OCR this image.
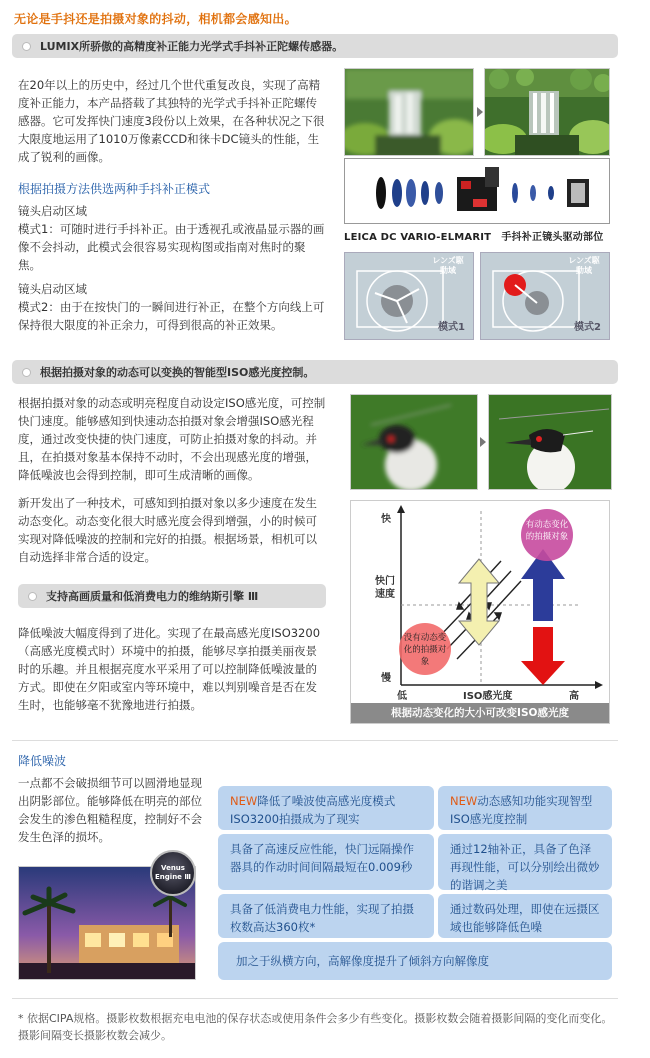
无论是手抖还是拍摄对象的抖动，相机都会感知出。
LUMIX所骄傲的高精度补正能力光学式手抖补正陀螺传感器。
在20年以上的历史中，经过几个世代重复改良，实现了高精度补正能力，本产品搭载了其独特的光学式手抖补正陀螺传感器。它可发挥快门速度3段份以上效果，在各种状况之下很大限度地运用了1010万像素CCD和徕卡DC镜头的性能，生成了锐利的画像。
根据拍摄方法供选两种手抖补正模式
镜头启动区域
模式1：可随时进行手抖补正。由于透视孔或液晶显示器的画像不会抖动，此模式会很容易实现构图或指南对焦时的聚焦。
镜头启动区域
模式2：由于在按快门的一瞬间进行补正，在整个方向线上可保持很大限度的补正余力，可得到很高的补正效果。
LEICA DC VARIO-ELMARIT　手抖补正镜头驱动部位
レンズ駆動域
模式1
レンズ駆動域
模式2
根据拍摄对象的动态可以变换的智能型ISO感光度控制。
根据拍摄对象的动态或明亮程度自动设定ISO感光度，可控制快门速度。能够感知到快速动态拍摄对象会增强ISO感光程度，通过改变快捷的快门速度，可防止拍摄对象的抖动。并且，在拍摄对象基本保持不动时，不会出现感光度的增强，降低噪波也会得到控制，即可生成清晰的画像。
新开发出了一种技术，可感知到拍摄对象以多少速度在发生动态变化。动态变化很大时感光度会得到增强，小的时候可实现对降低噪波的控制和完好的拍摄。根据场景，相机可以自动选择非常合适的设定。
快
快门速度
慢
低	ISO感光度	高
有动态变化的拍摄对象
没有动态变化的拍摄对象
根据动态变化的大小可改变ISO感光度
支持高画质量和低消费电力的维纳斯引擎 Ⅲ
降低噪波大幅度得到了进化。实现了在最高感光度ISO3200（高感光度模式时）环境中的拍摄，能够尽享拍摄美丽夜景时的乐趣。并且根据亮度水平采用了可以控制降低噪波量的方式。即使在夕阳或室内等环境中，难以判别噪音是否在发生时，也能够毫不犹豫地进行拍摄。
降低噪波
一点都不会破损细节可以圆滑地显现出阴影部位。能够降低在明亮的部位会发生的渗色粗糙程度，控制好不会发生色泽的损坏。
Venus Engine Ⅲ
NEW降低了噪波使高感光度模式ISO3200拍摄成为了现实
NEW动态感知功能实现智型ISO感光度控制
具备了高速反应性能，快门远隔操作器具的作动时间间隔最短在0.009秒
通过12轴补正，具备了色泽再现性能，可以分别绘出微妙的谐调之美
具备了低消费电力性能，实现了拍摄枚数高达360枚*
通过数码处理，即使在远摄区域也能够降低色噪
加之于纵横方向，高解像度提升了倾斜方向解像度
* 依据CIPA规格。摄影枚数根据充电电池的保存状态或使用条件会多少有些变化。摄影枚数会随着摄影间隔的变化而变化。摄影间隔变长摄影枚数会减少。
